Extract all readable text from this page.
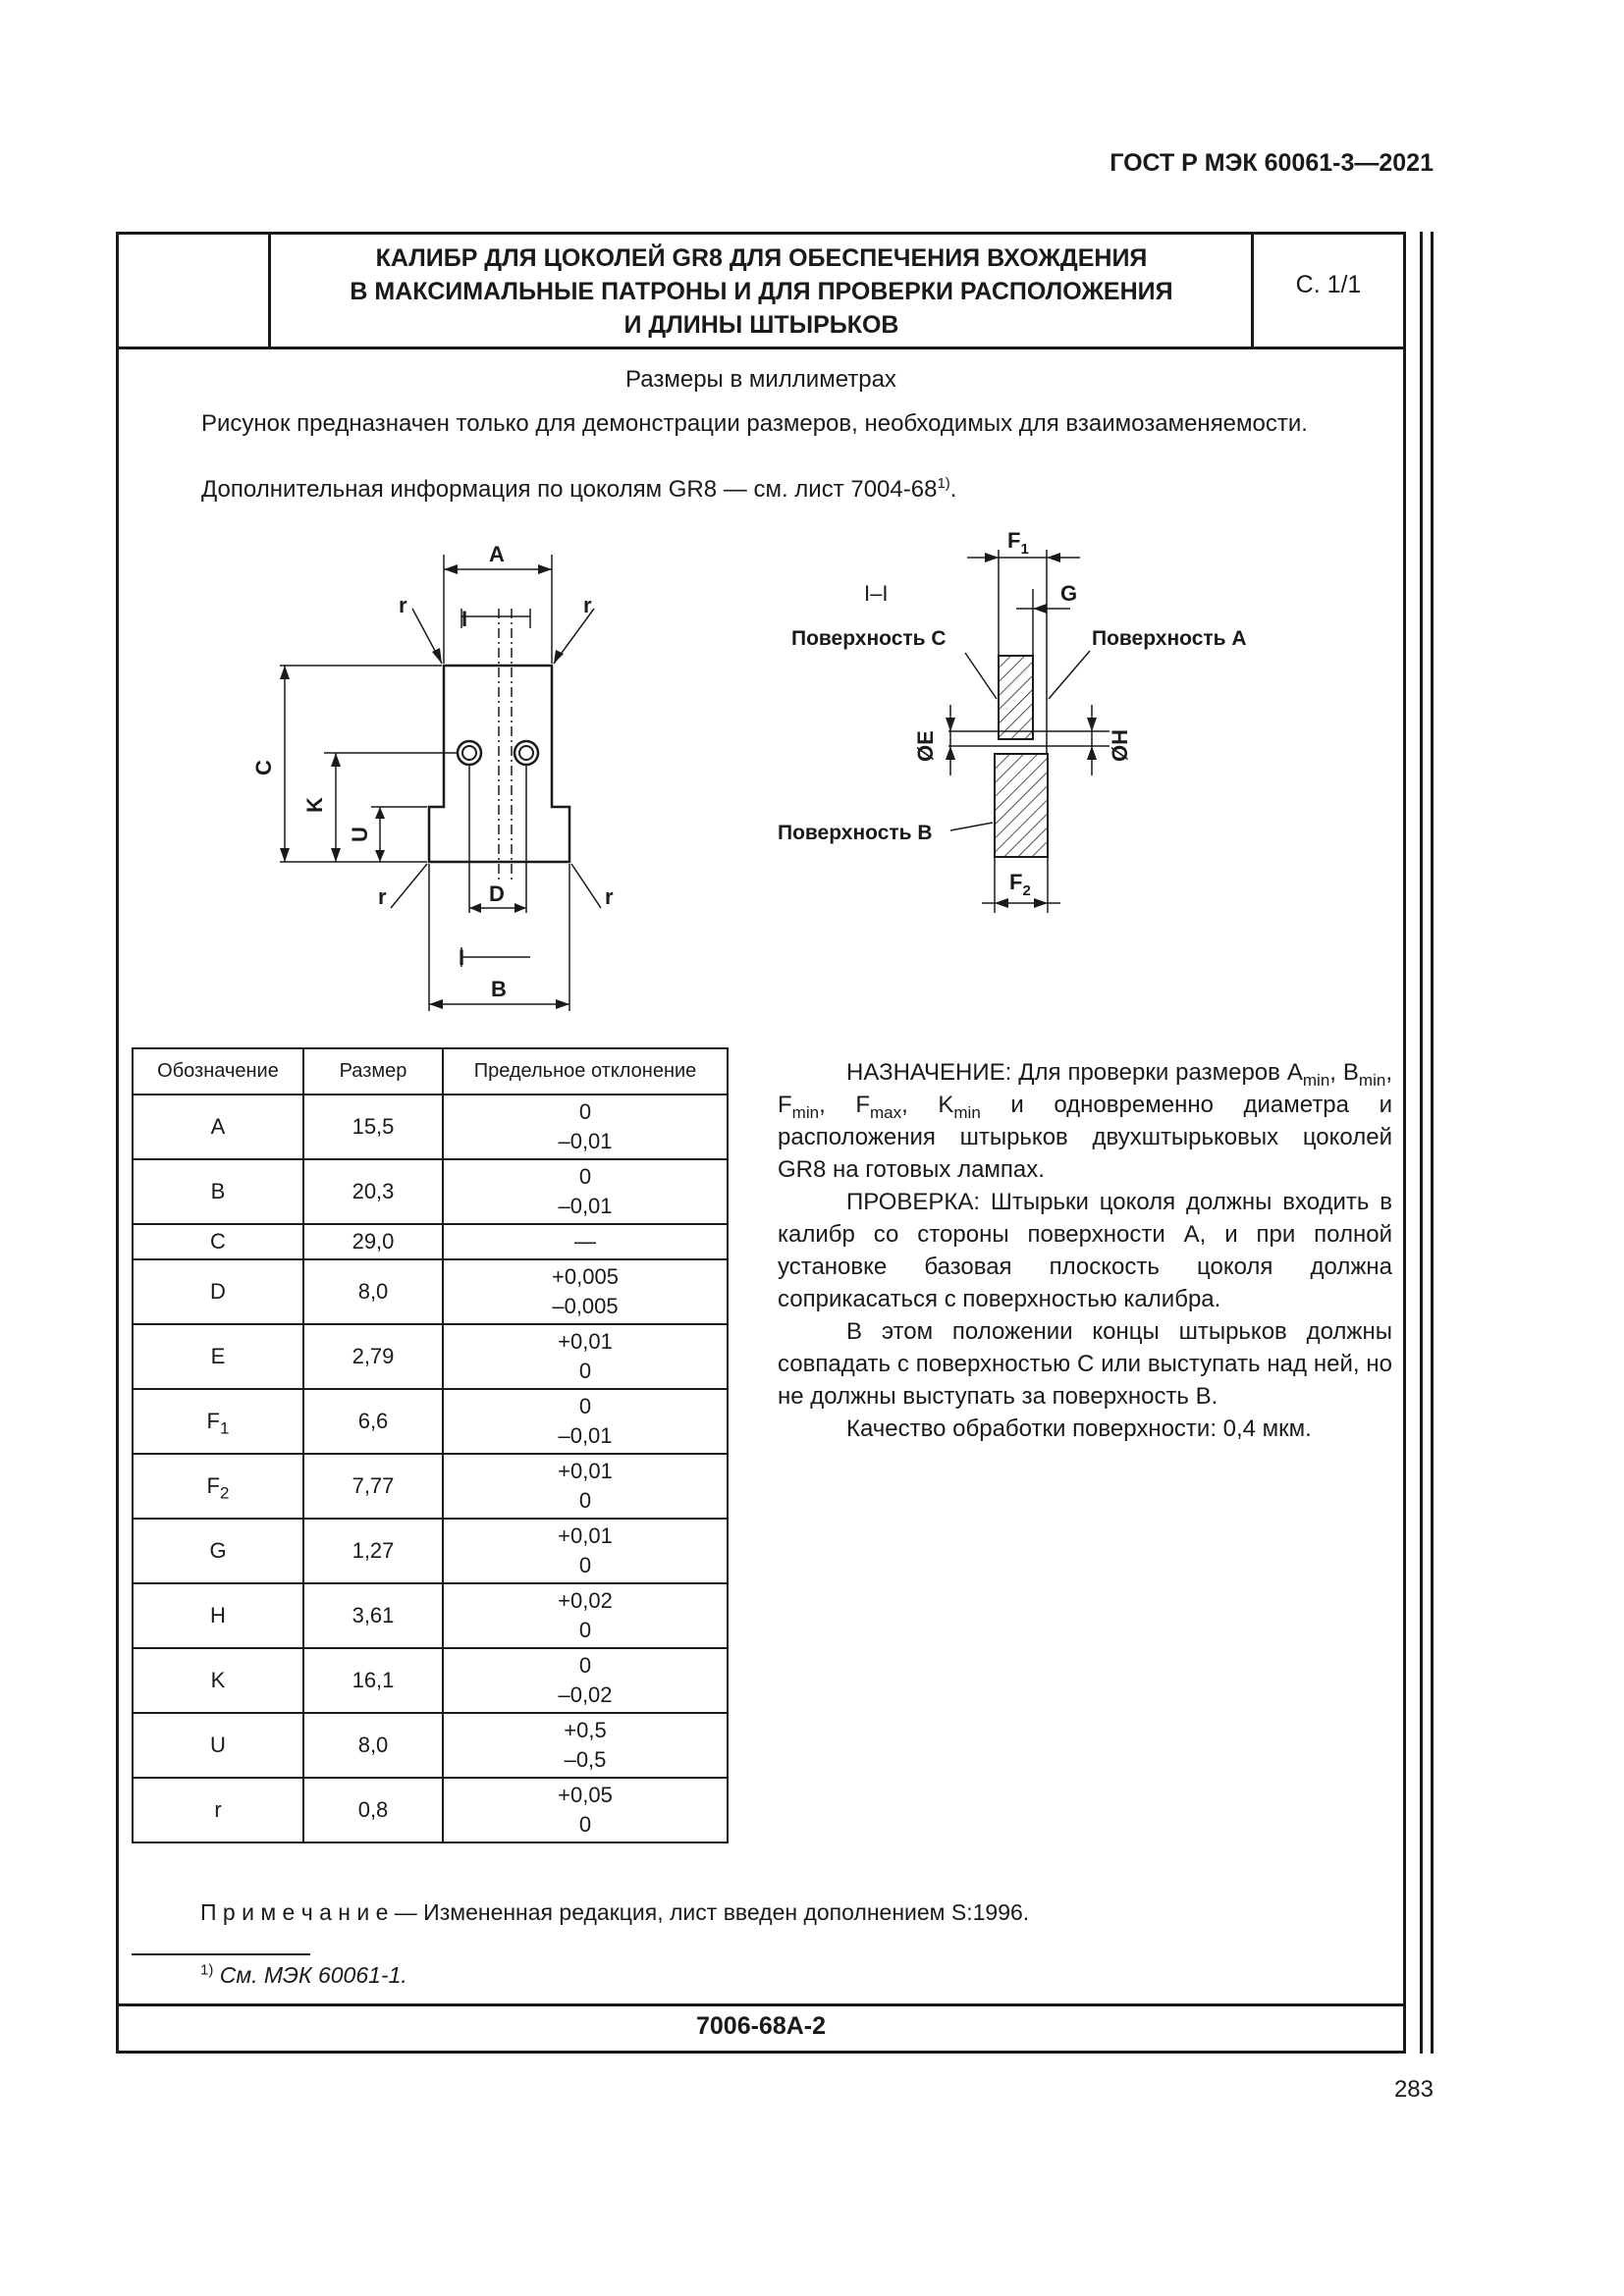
ГОСТ Р МЭК 60061-3—2021
КАЛИБР ДЛЯ ЦОКОЛЕЙ GR8 ДЛЯ ОБЕСПЕЧЕНИЯ ВХОЖДЕНИЯ
В МАКСИМАЛЬНЫЕ ПАТРОНЫ И ДЛЯ ПРОВЕРКИ РАСПОЛОЖЕНИЯ
И ДЛИНЫ ШТЫРЬКОВ
С. 1/1
Размеры в миллиметрах
Рисунок предназначен только для демонстрации размеров, необходимых для взаимозаменяемости.
Дополнительная информация по цоколям GR8 — см. лист 7004-68$^{1)}$.
A
r	r
I
C
K
U
r	r
D
I
B
$F_1$
G
I–I
Поверхность C	Поверхность A
ØE	ØH
Поверхность B
$F_2$
Обозначение	Размер	Предельное отклонение
A	15,5	0
–0,01

B	20,3	0
–0,01

C	29,0	—

D	8,0	+0,005
–0,005

E	2,79	+0,01
0

$F_1$	6,6	0
–0,01

$F_2$	7,77	+0,01
0

G	1,27	+0,01
0

H	3,61	+0,02
0

K	16,1	0
–0,02

U	8,0	+0,5
–0,5

r	0,8	+0,05
0

НАЗНАЧЕНИЕ: Для проверки размеров $A_{min}$, $B_{min}$, $F_{min}$, $F_{max}$, $K_{min}$ и одновременно диаметра и расположения штырьков двухштырьковых цоколей GR8 на готовых лампах.

ПРОВЕРКА: Штырьки цоколя должны входить в калибр со стороны поверхности А, и при полной установке базовая плоскость цоколя должна соприкасаться с поверхностью калибра.

В этом положении концы штырьков должны совпадать с поверхностью С или выступать над ней, но не должны выступать за поверхность В.

Качество обработки поверхности: 0,4 мкм.

П р и м е ч а н и е — Измененная редакция, лист введен дополнением S:1996.
$^{1)}$ См. МЭК 60061-1.
7006-68A-2
283
